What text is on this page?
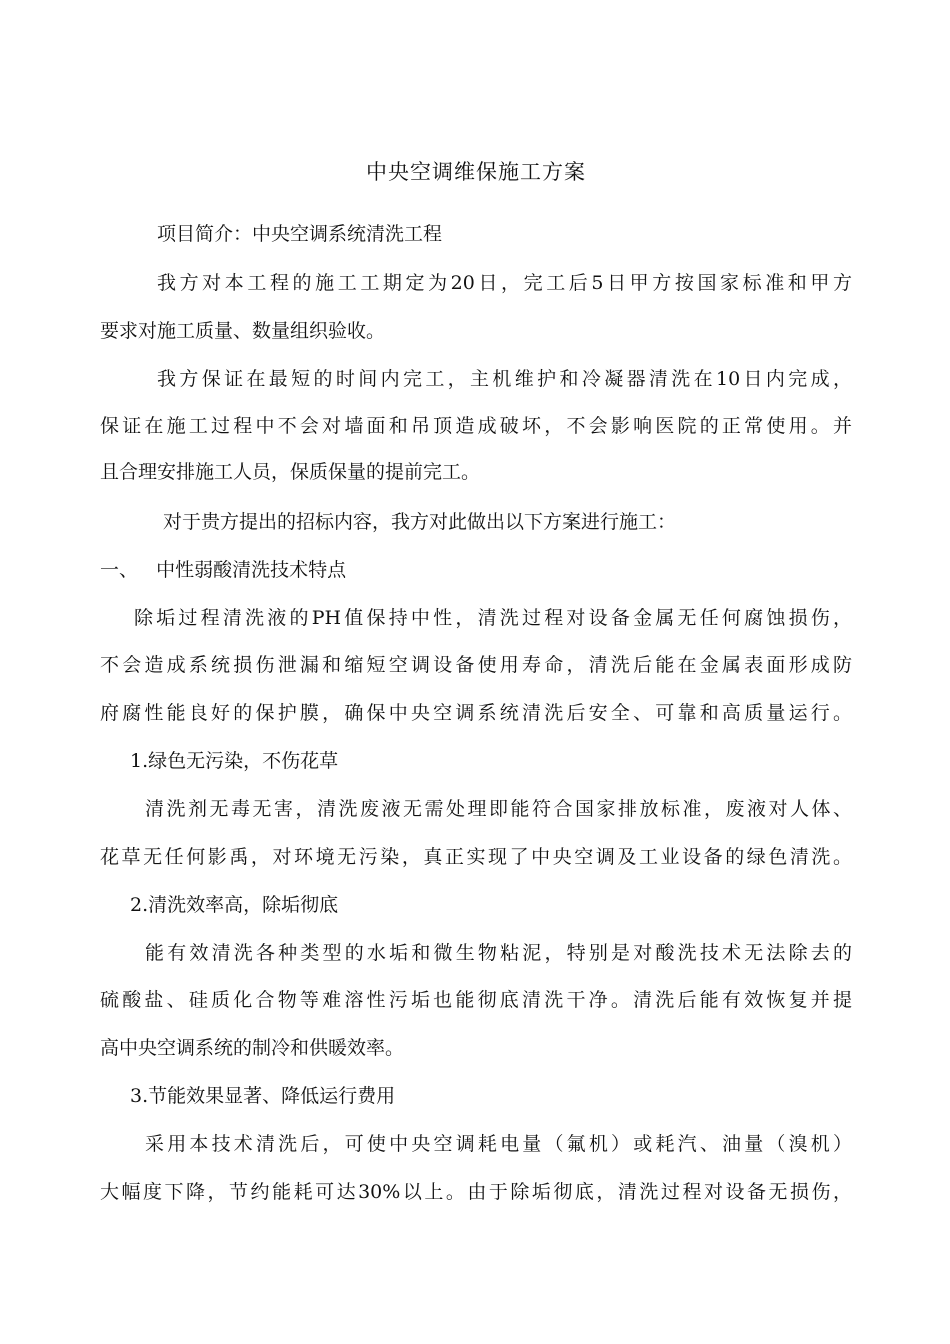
中央空调维保施工方案
项目简介：中央空调系统清洗工程
我方对本工程的施工工期定为20日，完工后5日甲方按国家标准和甲方
要求对施工质量、数量组织验收。
我方保证在最短的时间内完工，主机维护和冷凝器清洗在10日内完成，
保证在施工过程中不会对墙面和吊顶造成破坏，不会影响医院的正常使用。并
且合理安排施工人员，保质保量的提前完工。
对于贵方提出的招标内容，我方对此做出以下方案进行施工：
一、   中性弱酸清洗技术特点
除垢过程清洗液的PH值保持中性，清洗过程对设备金属无任何腐蚀损伤，
不会造成系统损伤泄漏和缩短空调设备使用寿命，清洗后能在金属表面形成防
府腐性能良好的保护膜，确保中央空调系统清洗后安全、可靠和高质量运行。
1.绿色无污染，不伤花草
清洗剂无毒无害，清洗废液无需处理即能符合国家排放标准，废液对人体、
花草无任何影禹，对环境无污染，真正实现了中央空调及工业设备的绿色清洗。
2.清洗效率高，除垢彻底
能有效清洗各种类型的水垢和微生物粘泥，特别是对酸洗技术无法除去的
硫酸盐、硅质化合物等难溶性污垢也能彻底清洗干净。清洗后能有效恢复并提
高中央空调系统的制冷和供暖效率。
3.节能效果显著、降低运行费用
采用本技术清洗后，可使中央空调耗电量（氟机）或耗汽、油量（溴机）
大幅度下降，节约能耗可达30%以上。由于除垢彻底，清洗过程对设备无损伤，
